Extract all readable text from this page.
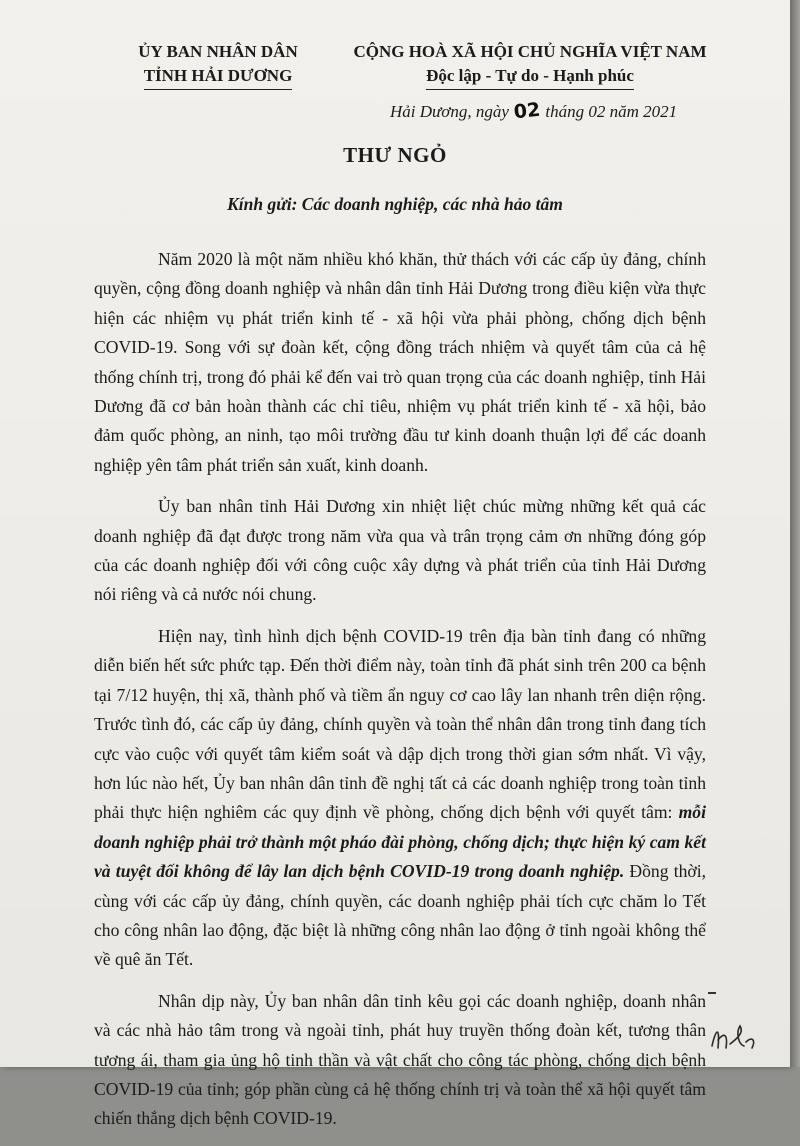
ỦY BAN NHÂN DÂN
TỈNH HẢI DƯƠNG
CỘNG HOÀ XÃ HỘI CHỦ NGHĨA VIỆT NAM
Độc lập - Tự do - Hạnh phúc
Hải Dương, ngày 02 tháng 02 năm 2021
THƯ NGỎ
Kính gửi: Các doanh nghiệp, các nhà hảo tâm

Năm 2020 là một năm nhiều khó khăn, thử thách với các cấp ủy đảng, chính quyền, cộng đồng doanh nghiệp và nhân dân tỉnh Hải Dương trong điều kiện vừa thực hiện các nhiệm vụ phát triển kinh tế - xã hội vừa phải phòng, chống dịch bệnh COVID-19. Song với sự đoàn kết, cộng đồng trách nhiệm và quyết tâm của cả hệ thống chính trị, trong đó phải kể đến vai trò quan trọng của các doanh nghiệp, tỉnh Hải Dương đã cơ bản hoàn thành các chỉ tiêu, nhiệm vụ phát triển kinh tế - xã hội, bảo đảm quốc phòng, an ninh, tạo môi trường đầu tư kinh doanh thuận lợi để các doanh nghiệp yên tâm phát triển sản xuất, kinh doanh.

Ủy ban nhân tỉnh Hải Dương xin nhiệt liệt chúc mừng những kết quả các doanh nghiệp đã đạt được trong năm vừa qua và trân trọng cảm ơn những đóng góp của các doanh nghiệp đối với công cuộc xây dựng và phát triển của tỉnh Hải Dương nói riêng và cả nước nói chung.

Hiện nay, tình hình dịch bệnh COVID-19 trên địa bàn tỉnh đang có những diễn biến hết sức phức tạp. Đến thời điểm này, toàn tỉnh đã phát sinh trên 200 ca bệnh tại 7/12 huyện, thị xã, thành phố và tiềm ẩn nguy cơ cao lây lan nhanh trên diện rộng. Trước tình đó, các cấp ủy đảng, chính quyền và toàn thể nhân dân trong tỉnh đang tích cực vào cuộc với quyết tâm kiểm soát và dập dịch trong thời gian sớm nhất. Vì vậy, hơn lúc nào hết, Ủy ban nhân dân tỉnh đề nghị tất cả các doanh nghiệp trong toàn tỉnh phải thực hiện nghiêm các quy định về phòng, chống dịch bệnh với quyết tâm: mỗi doanh nghiệp phải trở thành một pháo đài phòng, chống dịch; thực hiện ký cam kết và tuyệt đối không để lây lan dịch bệnh COVID-19 trong doanh nghiệp. Đồng thời, cùng với các cấp ủy đảng, chính quyền, các doanh nghiệp phải tích cực chăm lo Tết cho công nhân lao động, đặc biệt là những công nhân lao động ở tỉnh ngoài không thể về quê ăn Tết.

Nhân dịp này, Ủy ban nhân dân tỉnh kêu gọi các doanh nghiệp, doanh nhân và các nhà hảo tâm trong và ngoài tỉnh, phát huy truyền thống đoàn kết, tương thân tương ái, tham gia ủng hộ tinh thần và vật chất cho công tác phòng, chống dịch bệnh COVID-19 của tỉnh; góp phần cùng cả hệ thống chính trị và toàn thể xã hội quyết tâm chiến thắng dịch bệnh COVID-19.
